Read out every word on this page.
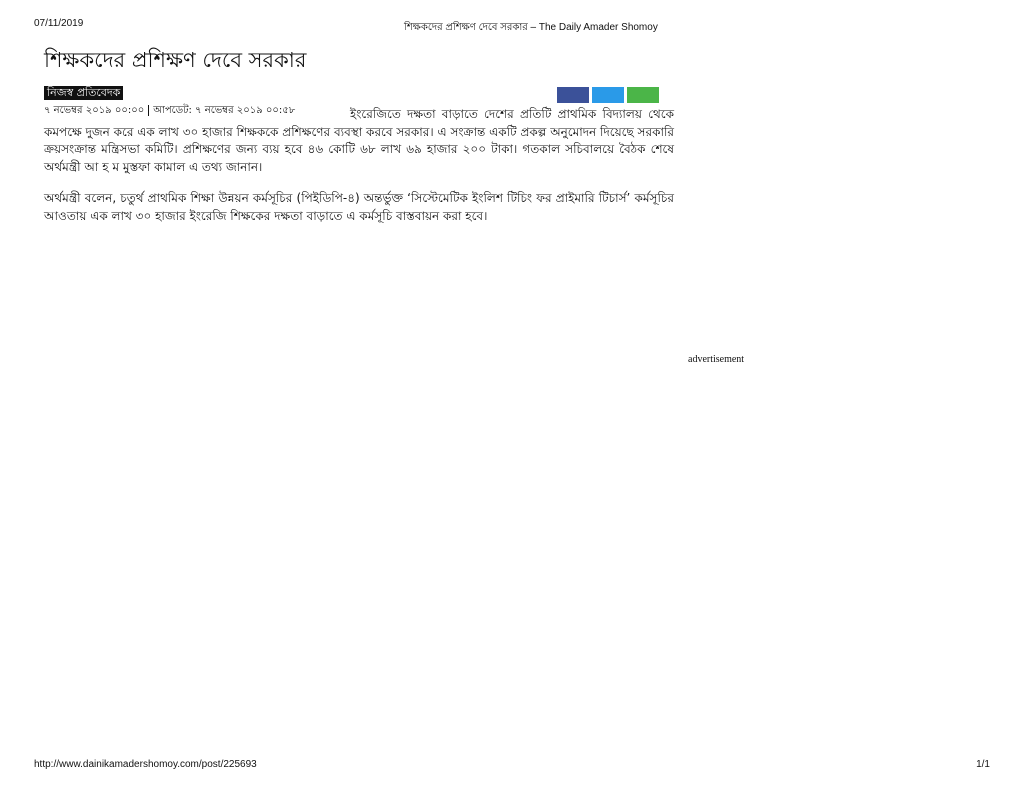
07/11/2019	শিক্ষকদের প্রশিক্ষণ দেবে সরকার – The Daily Amader Shomoy
শিক্ষকদের প্রশিক্ষণ দেবে সরকার
নিজস্ব প্রতিবেদক
৭ নভেম্বর ২০১৯ ০০:০০ আপডেট: ৭ নভেম্বর ২০১৯ ০০:৫৮	ইংরেজিতে দক্ষতা বাড়াতে দেশের প্রতিটি প্রাথমিক বিদ্যালয় থেকে কমপক্ষে দুজন করে এক লাখ ৩০ হাজার শিক্ষককে প্রশিক্ষণের ব্যবস্থা করবে সরকার। এ সংক্রান্ত একটি প্রকল্প অনুমোদন দিয়েছে সরকারি ক্রয়সংক্রান্ত মন্ত্রিসভা কমিটি। প্রশিক্ষণের জন্য ব্যয় হবে ৪৬ কোটি ৬৮ লাখ ৬৯ হাজার ২০০ টাকা। গতকাল সচিবালয়ে বৈঠক শেষে অর্থমন্ত্রী আ হ ম মুস্তফা কামাল এ তথ্য জানান।

অর্থমন্ত্রী বলেন, চতুর্থ প্রাথমিক শিক্ষা উন্নয়ন কর্মসূচির (পিইডিপি-৪) অন্তর্ভুক্ত ‘সিস্টেমেটিক ইংলিশ টিচিং ফর প্রাইমারি টিচার্স’ কর্মসূচির আওতায় এক লাখ ৩০ হাজার ইংরেজি শিক্ষকের দক্ষতা বাড়াতে এ কর্মসূচি বাস্তবায়ন করা হবে।

advertisement
http://www.dainikamadershomoy.com/post/225693	1/1
